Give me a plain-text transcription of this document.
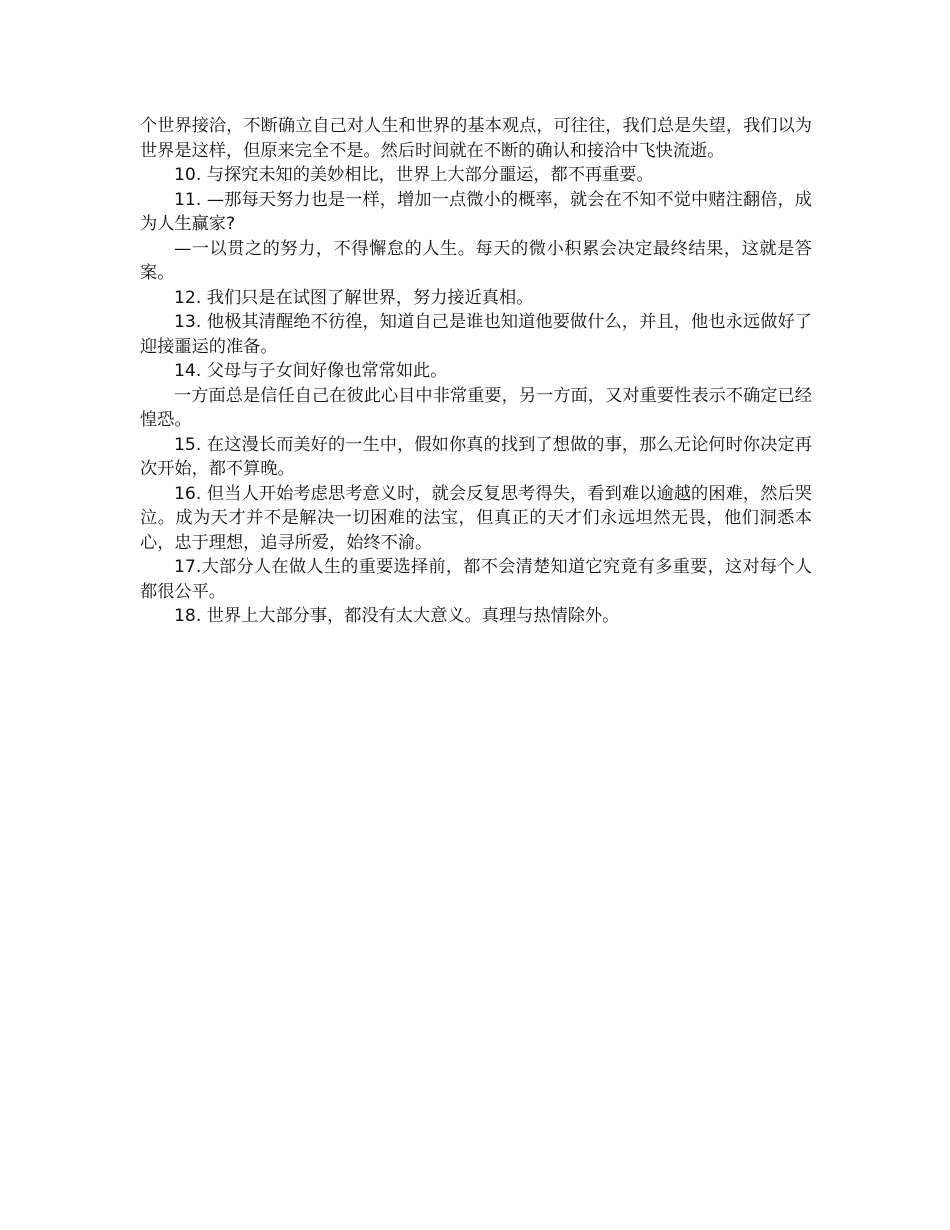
个世界接洽，不断确立自己对人生和世界的基本观点，可往往，我们总是失望，我们以为世界是这样，但原来完全不是。然后时间就在不断的确认和接洽中飞快流逝。

10. 与探究未知的美妙相比，世界上大部分噩运，都不再重要。

11. —那每天努力也是一样，增加一点微小的概率，就会在不知不觉中赌注翻倍，成为人生赢家?

—一以贯之的努力，不得懈怠的人生。每天的微小积累会决定最终结果，这就是答案。

12. 我们只是在试图了解世界，努力接近真相。

13. 他极其清醒绝不彷徨，知道自己是谁也知道他要做什么，并且，他也永远做好了迎接噩运的准备。

14. 父母与子女间好像也常常如此。

一方面总是信任自己在彼此心目中非常重要，另一方面，又对重要性表示不确定已经惶恐。

15. 在这漫长而美好的一生中，假如你真的找到了想做的事，那么无论何时你决定再次开始，都不算晚。

16. 但当人开始考虑思考意义时，就会反复思考得失，看到难以逾越的困难，然后哭泣。成为天才并不是解决一切困难的法宝，但真正的天才们永远坦然无畏，他们洞悉本心，忠于理想，追寻所爱，始终不渝。

17.大部分人在做人生的重要选择前，都不会清楚知道它究竟有多重要，这对每个人都很公平。

18. 世界上大部分事，都没有太大意义。真理与热情除外。
